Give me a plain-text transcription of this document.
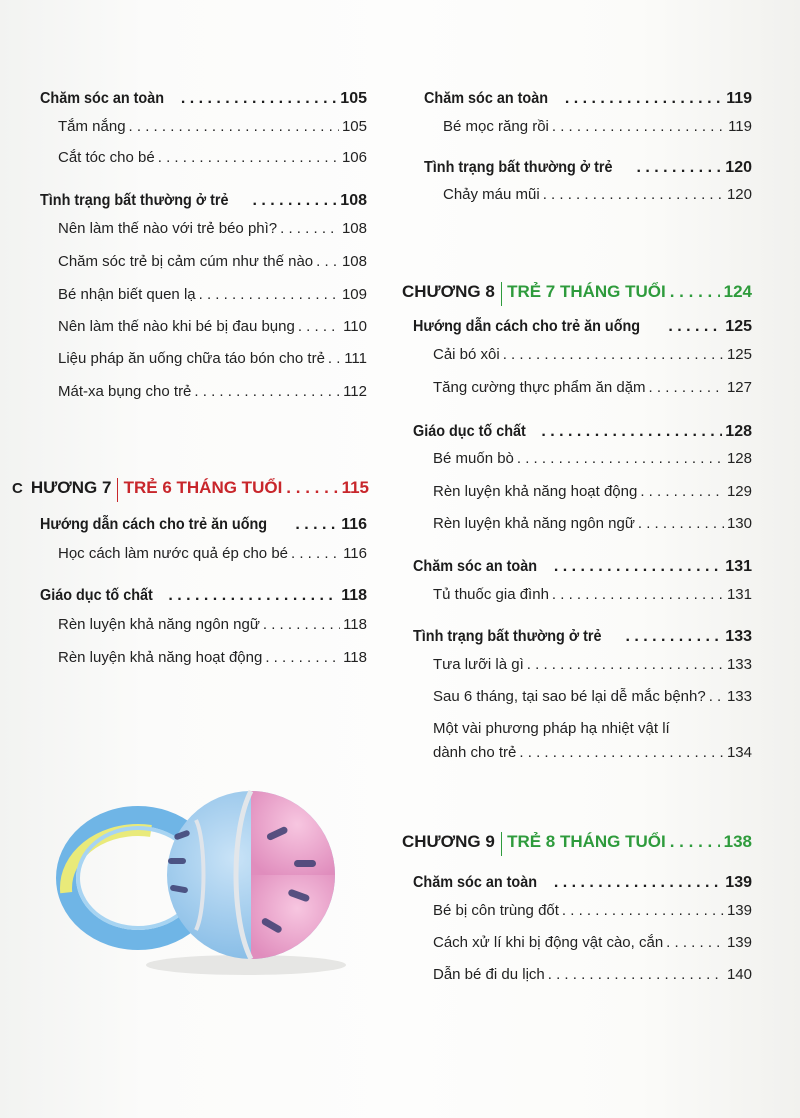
Chăm sóc an toàn . . .	105
Tắm nắng . . .	105
Cắt tóc cho bé . . .	106
Tình trạng bất thường ở trẻ . . .	108
Nên làm thế nào với trẻ béo phì? . . .	108
Chăm sóc trẻ bị cảm cúm như thế nào . . . 108
Bé nhận biết quen lạ . . .	109
Nên làm thế nào khi bé bị đau bụng . . .	110
Liệu pháp ăn uống chữa táo bón cho trẻ . . . 111
Mát-xa bụng cho trẻ . . .	112
C HƯƠNG 7 TRẺ 6 THÁNG TUỔI . . .	115
Hướng dẫn cách cho trẻ ăn uống . . .	116
Học cách làm nước quả ép cho bé . . .	116
Giáo dục tố chất . . .	118
Rèn luyện khả năng ngôn ngữ . . .	118
Rèn luyện khả năng hoạt động . . .	118
Chăm sóc an toàn . . .	119
Bé mọc răng rồi . . .	119
Tình trạng bất thường ở trẻ . . .	120
Chảy máu mũi . . .	120
CHƯƠNG 8 TRẺ 7 THÁNG TUỔI . . .	124
Hướng dẫn cách cho trẻ ăn uống . . .	125
Cải bó xôi . . .	125
Tăng cường thực phẩm ăn dặm . . .	127
Giáo dục tố chất . . .	128
Bé muốn bò . . .	128
Rèn luyện khả năng hoạt động . . .	129
Rèn luyện khả năng ngôn ngữ . . .	130
Chăm sóc an toàn . . .	131
Tủ thuốc gia đình . . .	131
Tình trạng bất thường ở trẻ . . .	133
Tưa lưỡi là gì . . .	133
Sau 6 tháng, tại sao bé lại dễ mắc bệnh? . . . 133
Một vài phương pháp hạ nhiệt vật lí
dành cho trẻ . . .	134
CHƯƠNG 9 TRẺ 8 THÁNG TUỔI . . .	138
Chăm sóc an toàn . . .	139
Bé bị côn trùng đốt . . .	139
Cách xử lí khi bị động vật cào, cắn . . .	139
Dẫn bé đi du lịch . . .	140
